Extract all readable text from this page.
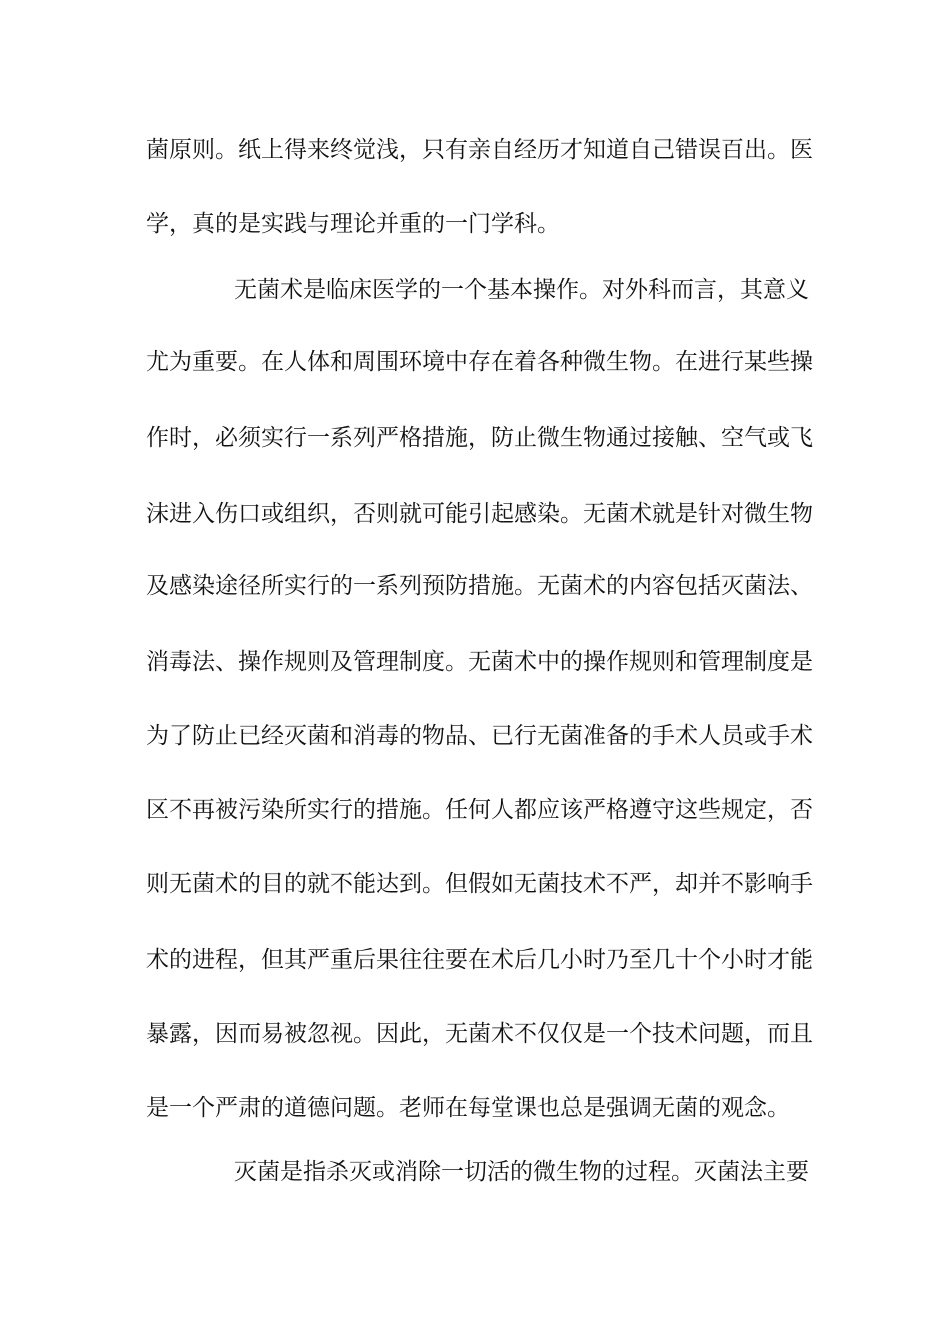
菌原则。纸上得来终觉浅，只有亲自经历才知道自己错误百出。医
学，真的是实践与理论并重的一门学科。
无菌术是临床医学的一个基本操作。对外科而言，其意义
尤为重要。在人体和周围环境中存在着各种微生物。在进行某些操
作时，必须实行一系列严格措施，防止微生物通过接触、空气或飞
沫进入伤口或组织，否则就可能引起感染。无菌术就是针对微生物
及感染途径所实行的一系列预防措施。无菌术的内容包括灭菌法、
消毒法、操作规则及管理制度。无菌术中的操作规则和管理制度是
为了防止已经灭菌和消毒的物品、已行无菌准备的手术人员或手术
区不再被污染所实行的措施。任何人都应该严格遵守这些规定，否
则无菌术的目的就不能达到。但假如无菌技术不严，却并不影响手
术的进程，但其严重后果往往要在术后几小时乃至几十个小时才能
暴露，因而易被忽视。因此，无菌术不仅仅是一个技术问题，而且
是一个严肃的道德问题。老师在每堂课也总是强调无菌的观念。
灭菌是指杀灭或消除一切活的微生物的过程。灭菌法主要
